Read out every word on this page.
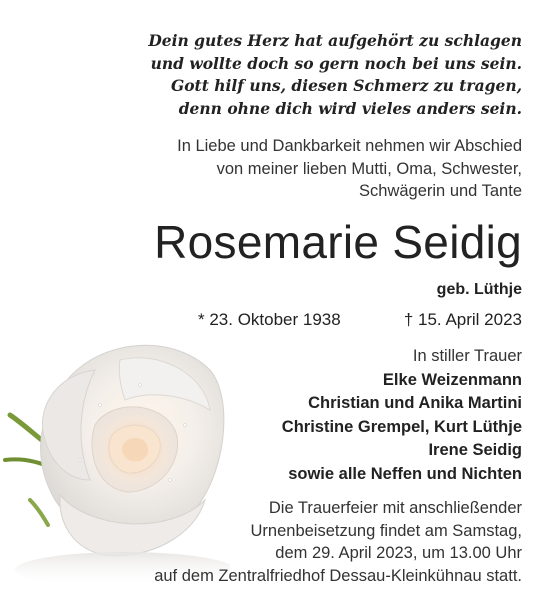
Dein gutes Herz hat aufgehört zu schlagen
und wollte doch so gern noch bei uns sein.
Gott hilf uns, diesen Schmerz zu tragen,
denn ohne dich wird vieles anders sein.
In Liebe und Dankbarkeit nehmen wir Abschied
von meiner lieben Mutti, Oma, Schwester,
Schwägerin und Tante
Rosemarie Seidig
geb. Lüthje
* 23. Oktober 1938	† 15. April 2023
In stiller Trauer
Elke Weizenmann
Christian und Anika Martini
Christine Grempel, Kurt Lüthje
Irene Seidig
sowie alle Neffen und Nichten
Die Trauerfeier mit anschließender
Urnenbeisetzung findet am Samstag,
dem 29. April 2023, um 13.00 Uhr
auf dem Zentralfriedhof Dessau-Kleinkühnau statt.
